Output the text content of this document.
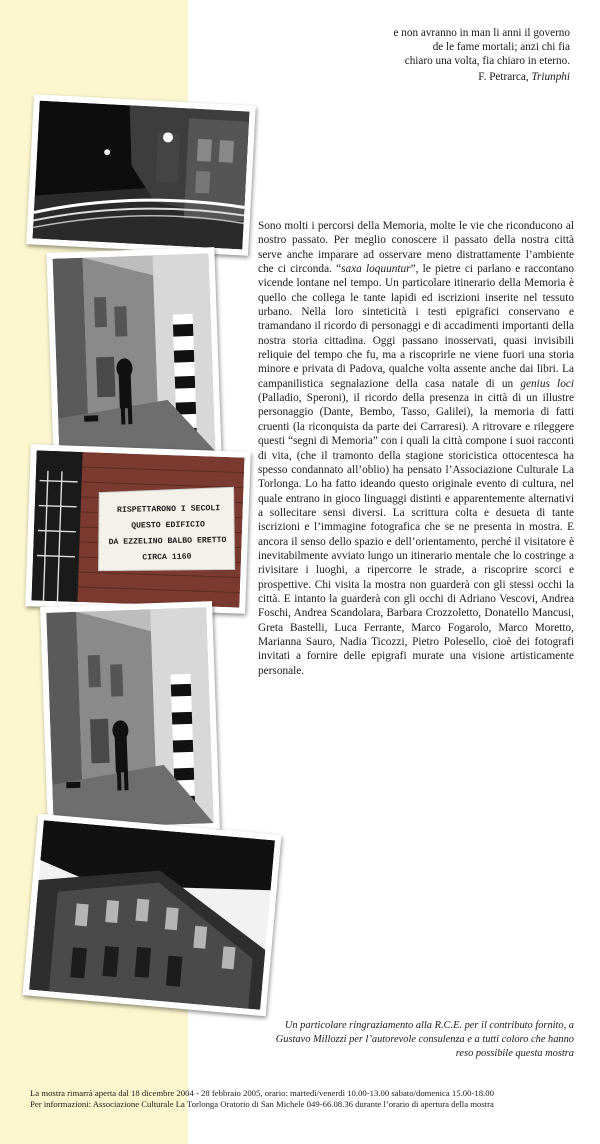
e non avranno in man li anni il governo
de le fame mortali; anzi chi fia
chiaro una volta, fia chiaro in eterno.
F. Petrarca, Triunphi
RISPETTARONO I SECOLI
QUESTO EDIFICIO
DA EZZELINO BALBO ERETTO
CIRCA 1160
Sono molti i percorsi della Memoria, molte le vie che riconducono al nostro passato. Per meglio conoscere il passato della nostra città serve anche imparare ad osservare meno distrattamente l’ambiente che ci circonda. “saxa loquuntur”, le pietre ci parlano e raccontano vicende lontane nel tempo. Un particolare itinerario della Memoria è quello che collega le tante lapidi ed iscrizioni inserite nel tessuto urbano. Nella loro sinteticità i testi epigrafici conservano e tramandano il ricordo di personaggi e di accadimenti importanti della nostra storia cittadina. Oggi passano inosservati, quasi invisibili reliquie del tempo che fu, ma a riscoprirle ne viene fuori una storia minore e privata di Padova, qualche volta assente anche dai libri. La campanilistica segnalazione della casa natale di un genius loci (Palladio, Speroni), il ricordo della presenza in città di un illustre personaggio (Dante, Bembo, Tasso, Galilei), la memoria di fatti cruenti (la riconquista da parte dei Carraresi). A ritrovare e rileggere questi “segni di Memoria” con i quali la città compone i suoi racconti di vita, (che il tramonto della stagione storicistica ottocentesca ha spesso condannato all’oblio) ha pensato l’Associazione Culturale La Torlonga. Lo ha fatto ideando questo originale evento di cultura, nel quale entrano in gioco linguaggi distinti e apparentemente alternativi a sollecitare sensi diversi. La scrittura colta e desueta di tante iscrizioni e l’immagine fotografica che se ne presenta in mostra. E ancora il senso dello spazio e dell’orientamento, perché il visitatore è inevitabilmente avviato lungo un itinerario mentale che lo costringe a rivisitare i luoghi, a ripercorre le strade, a riscoprire scorci e prospettive. Chi visita la mostra non guarderà con gli stessi occhi la città. E intanto la guarderà con gli occhi di Adriano Vescovi, Andrea Foschi, Andrea Scandolara, Barbara Crozzoletto, Donatello Mancusi, Greta Bastelli, Luca Ferrante, Marco Fogarolo, Marco Moretto, Marianna Sauro, Nadia Ticozzi, Pietro Polesello, cioè dei fotografi invitati a fornire delle epigrafi murate una visione artisticamente personale.
Un particolare ringraziamento alla R.C.E. per il contributo fornito, a Gustavo Millozzi per l’autorevole consulenza e a tutti coloro che hanno reso possibile questa mostra
La mostra rimarrà aperta dal 18 dicembre 2004 - 28 febbraio 2005, orario: martedì/venerdì 10.00-13.00 sabato/domenica 15.00-18.00
Per informazioni: Associazione Culturale La Torlonga Oratorio di San Michele 049-66.08.36 durante l’orario di apertura della mostra
